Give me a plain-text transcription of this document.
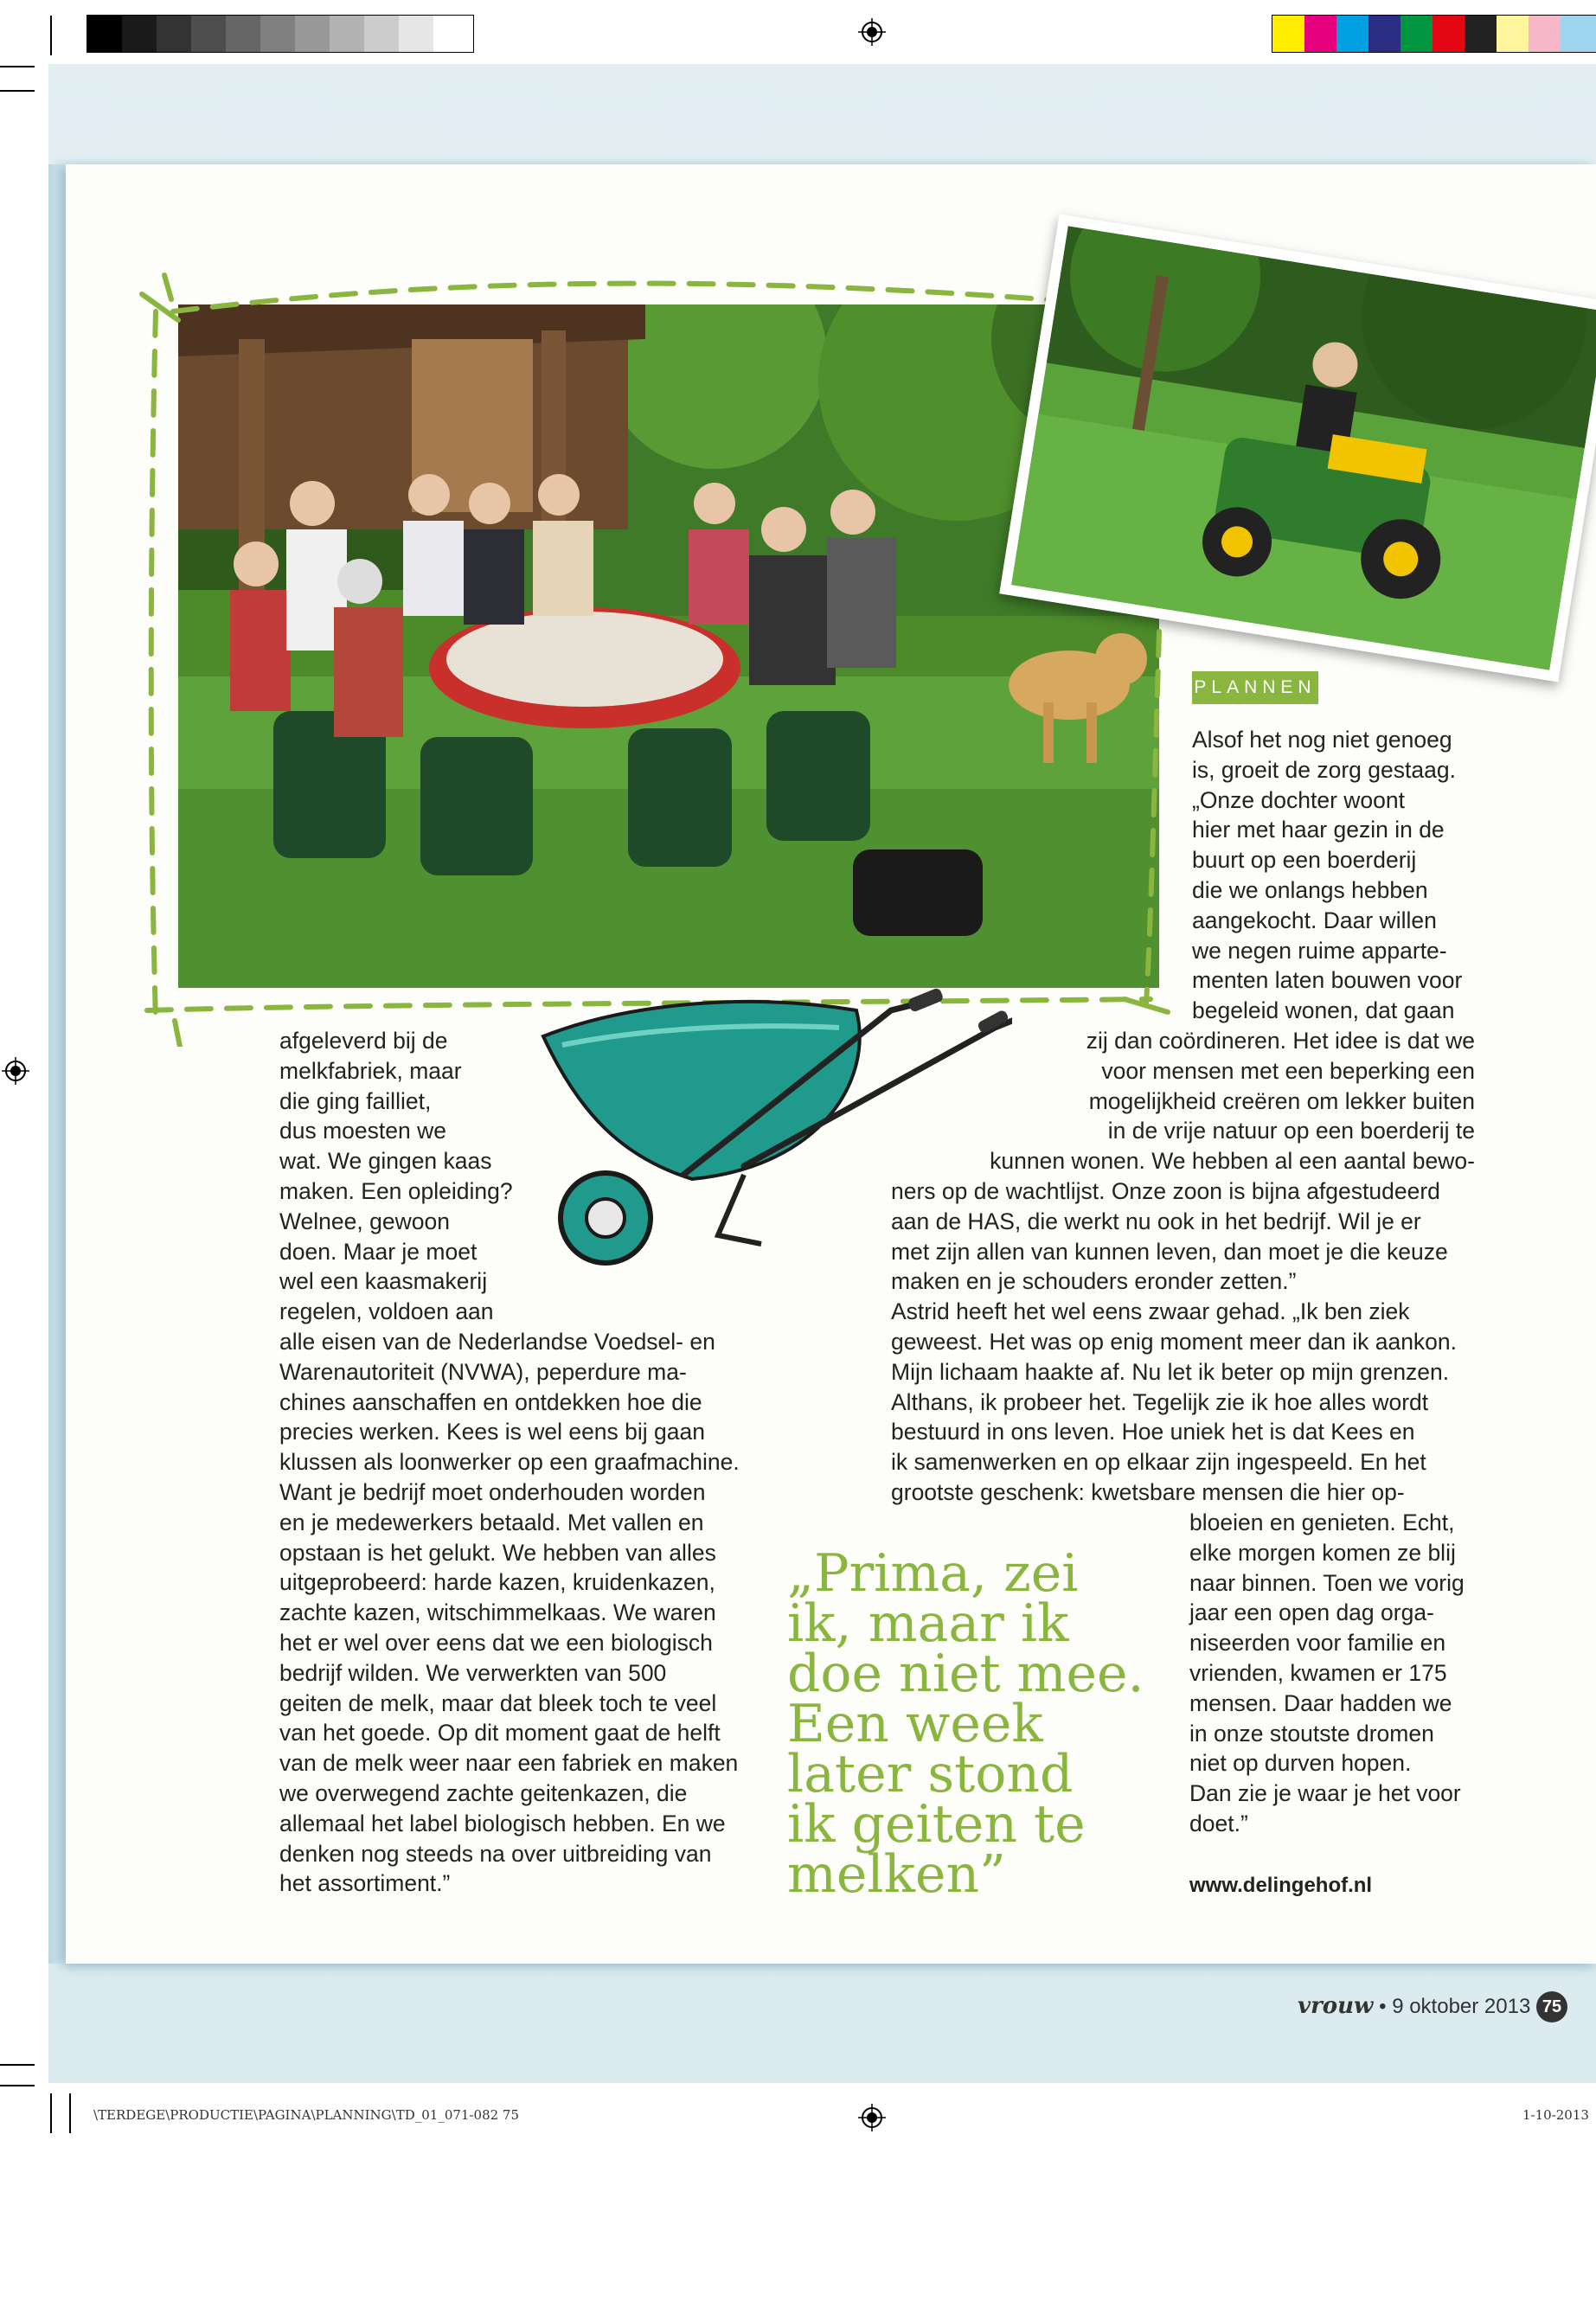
PLANNEN
afgeleverd bij de
melkfabriek, maar
die ging failliet,
dus moesten we
wat. We gingen kaas
maken. Een opleiding?
Welnee, gewoon
doen. Maar je moet
wel een kaasmakerij
regelen, voldoen aan
alle eisen van de Nederlandse Voedsel- en
Warenautoriteit (NVWA), peperdure ma-
chines aanschaffen en ontdekken hoe die
precies werken. Kees is wel eens bij gaan
klussen als loonwerker op een graafmachine.
Want je bedrijf moet onderhouden worden
en je medewerkers betaald. Met vallen en
opstaan is het gelukt. We hebben van alles
uitgeprobeerd: harde kazen, kruidenkazen,
zachte kazen, witschimmelkaas. We waren
het er wel over eens dat we een biologisch
bedrijf wilden. We verwerkten van 500
geiten de melk, maar dat bleek toch te veel
van het goede. Op dit moment gaat de helft
van de melk weer naar een fabriek en maken
we overwegend zachte geitenkazen, die
allemaal het label biologisch hebben. En we
denken nog steeds na over uitbreiding van
het assortiment.”
Alsof het nog niet genoeg
is, groeit de zorg gestaag.
„Onze dochter woont
hier met haar gezin in de
buurt op een boerderij
die we onlangs hebben
aangekocht. Daar willen
we negen ruime apparte-
menten laten bouwen voor
begeleid wonen, dat gaan
zij dan coördineren. Het idee is dat we
voor mensen met een beperking een
mogelijkheid creëren om lekker buiten
in de vrije natuur op een boerderij te
kunnen wonen. We hebben al een aantal bewo-
ners op de wachtlijst. Onze zoon is bijna afgestudeerd
aan de HAS, die werkt nu ook in het bedrijf. Wil je er
met zijn allen van kunnen leven, dan moet je die keuze
maken en je schouders eronder zetten.”
Astrid heeft het wel eens zwaar gehad. „Ik ben ziek
geweest. Het was op enig moment meer dan ik aankon.
Mijn lichaam haakte af. Nu let ik beter op mijn grenzen.
Althans, ik probeer het. Tegelijk zie ik hoe alles wordt
bestuurd in ons leven. Hoe uniek het is dat Kees en
ik samenwerken en op elkaar zijn ingespeeld. En het
grootste geschenk: kwetsbare mensen die hier op-
bloeien en genieten. Echt,
elke morgen komen ze blij
naar binnen. Toen we vorig
jaar een open dag orga-
niseerden voor familie en
vrienden, kwamen er 175
mensen. Daar hadden we
in onze stoutste dromen
niet op durven hopen.
Dan zie je waar je het voor
doet.”
„Prima, zei
ik, maar ik
doe niet mee.
Een week
later stond
ik geiten te
melken”	www.delingehof.nl
vrouw • 9 oktober 2013 75
\TERDEGE\PRODUCTIE\PAGINA\PLANNING\TD_01_071-082 75	1-10-2013
